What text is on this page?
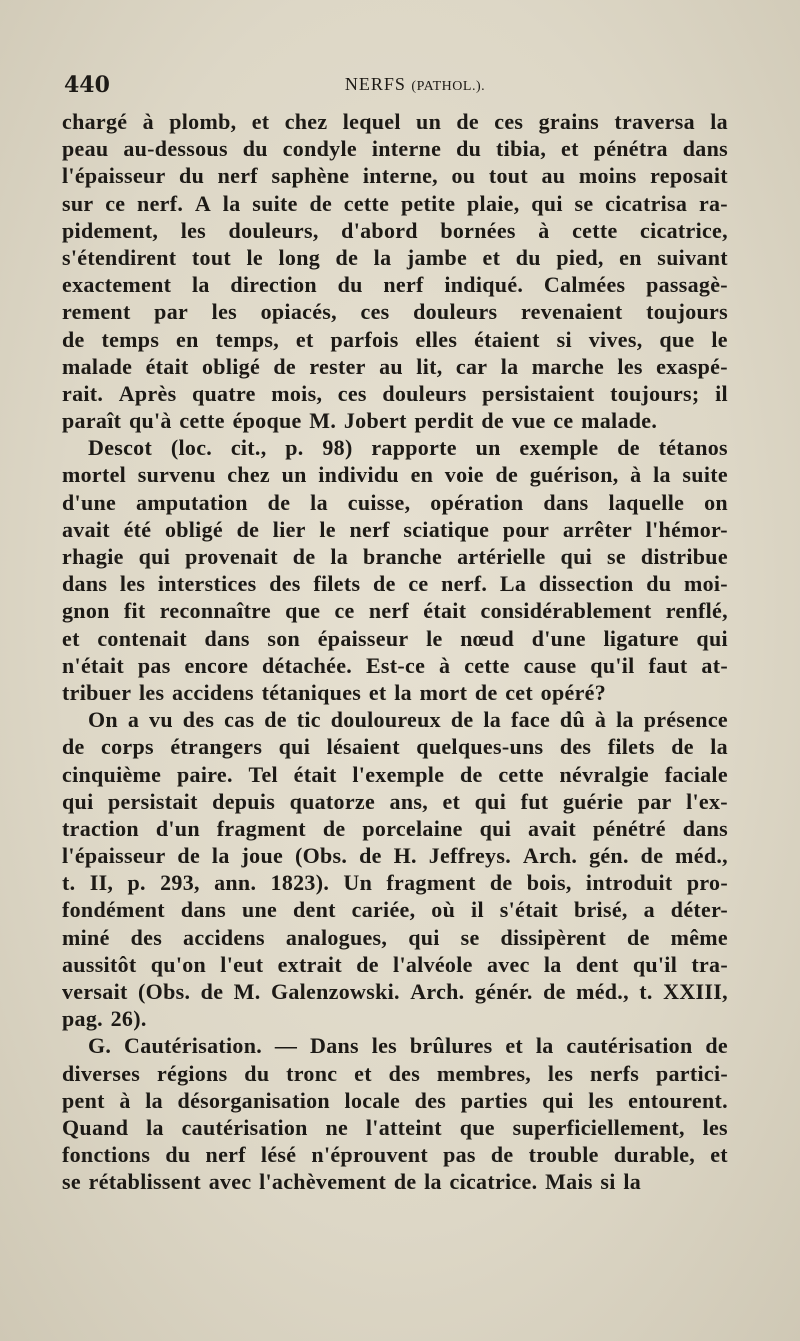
440	NERFS (PATHOL.).
chargé à plomb, et chez lequel un de ces grains traversa la
peau au-dessous du condyle interne du tibia, et pénétra dans
l'épaisseur du nerf saphène interne, ou tout au moins reposait
sur ce nerf. A la suite de cette petite plaie, qui se cicatrisa ra-
pidement, les douleurs, d'abord bornées à cette cicatrice,
s'étendirent tout le long de la jambe et du pied, en suivant
exactement la direction du nerf indiqué. Calmées passagè-
rement par les opiacés, ces douleurs revenaient toujours
de temps en temps, et parfois elles étaient si vives, que le
malade était obligé de rester au lit, car la marche les exaspé-
rait. Après quatre mois, ces douleurs persistaient toujours; il
paraît qu'à cette époque M. Jobert perdit de vue ce malade.
Descot (loc. cit., p. 98) rapporte un exemple de tétanos
mortel survenu chez un individu en voie de guérison, à la suite
d'une amputation de la cuisse, opération dans laquelle on
avait été obligé de lier le nerf sciatique pour arrêter l'hémor-
rhagie qui provenait de la branche artérielle qui se distribue
dans les interstices des filets de ce nerf. La dissection du moi-
gnon fit reconnaître que ce nerf était considérablement renflé,
et contenait dans son épaisseur le nœud d'une ligature qui
n'était pas encore détachée. Est-ce à cette cause qu'il faut at-
tribuer les accidens tétaniques et la mort de cet opéré?
On a vu des cas de tic douloureux de la face dû à la présence
de corps étrangers qui lésaient quelques-uns des filets de la
cinquième paire. Tel était l'exemple de cette névralgie faciale
qui persistait depuis quatorze ans, et qui fut guérie par l'ex-
traction d'un fragment de porcelaine qui avait pénétré dans
l'épaisseur de la joue (Obs. de H. Jeffreys. Arch. gén. de méd.,
t. II, p. 293, ann. 1823). Un fragment de bois, introduit pro-
fondément dans une dent cariée, où il s'était brisé, a déter-
miné des accidens analogues, qui se dissipèrent de même
aussitôt qu'on l'eut extrait de l'alvéole avec la dent qu'il tra-
versait (Obs. de M. Galenzowski. Arch. génér. de méd., t. XXIII,
pag. 26).
G. Cautérisation. — Dans les brûlures et la cautérisation de
diverses régions du tronc et des membres, les nerfs partici-
pent à la désorganisation locale des parties qui les entourent.
Quand la cautérisation ne l'atteint que superficiellement, les
fonctions du nerf lésé n'éprouvent pas de trouble durable, et
se rétablissent avec l'achèvement de la cicatrice. Mais si la
